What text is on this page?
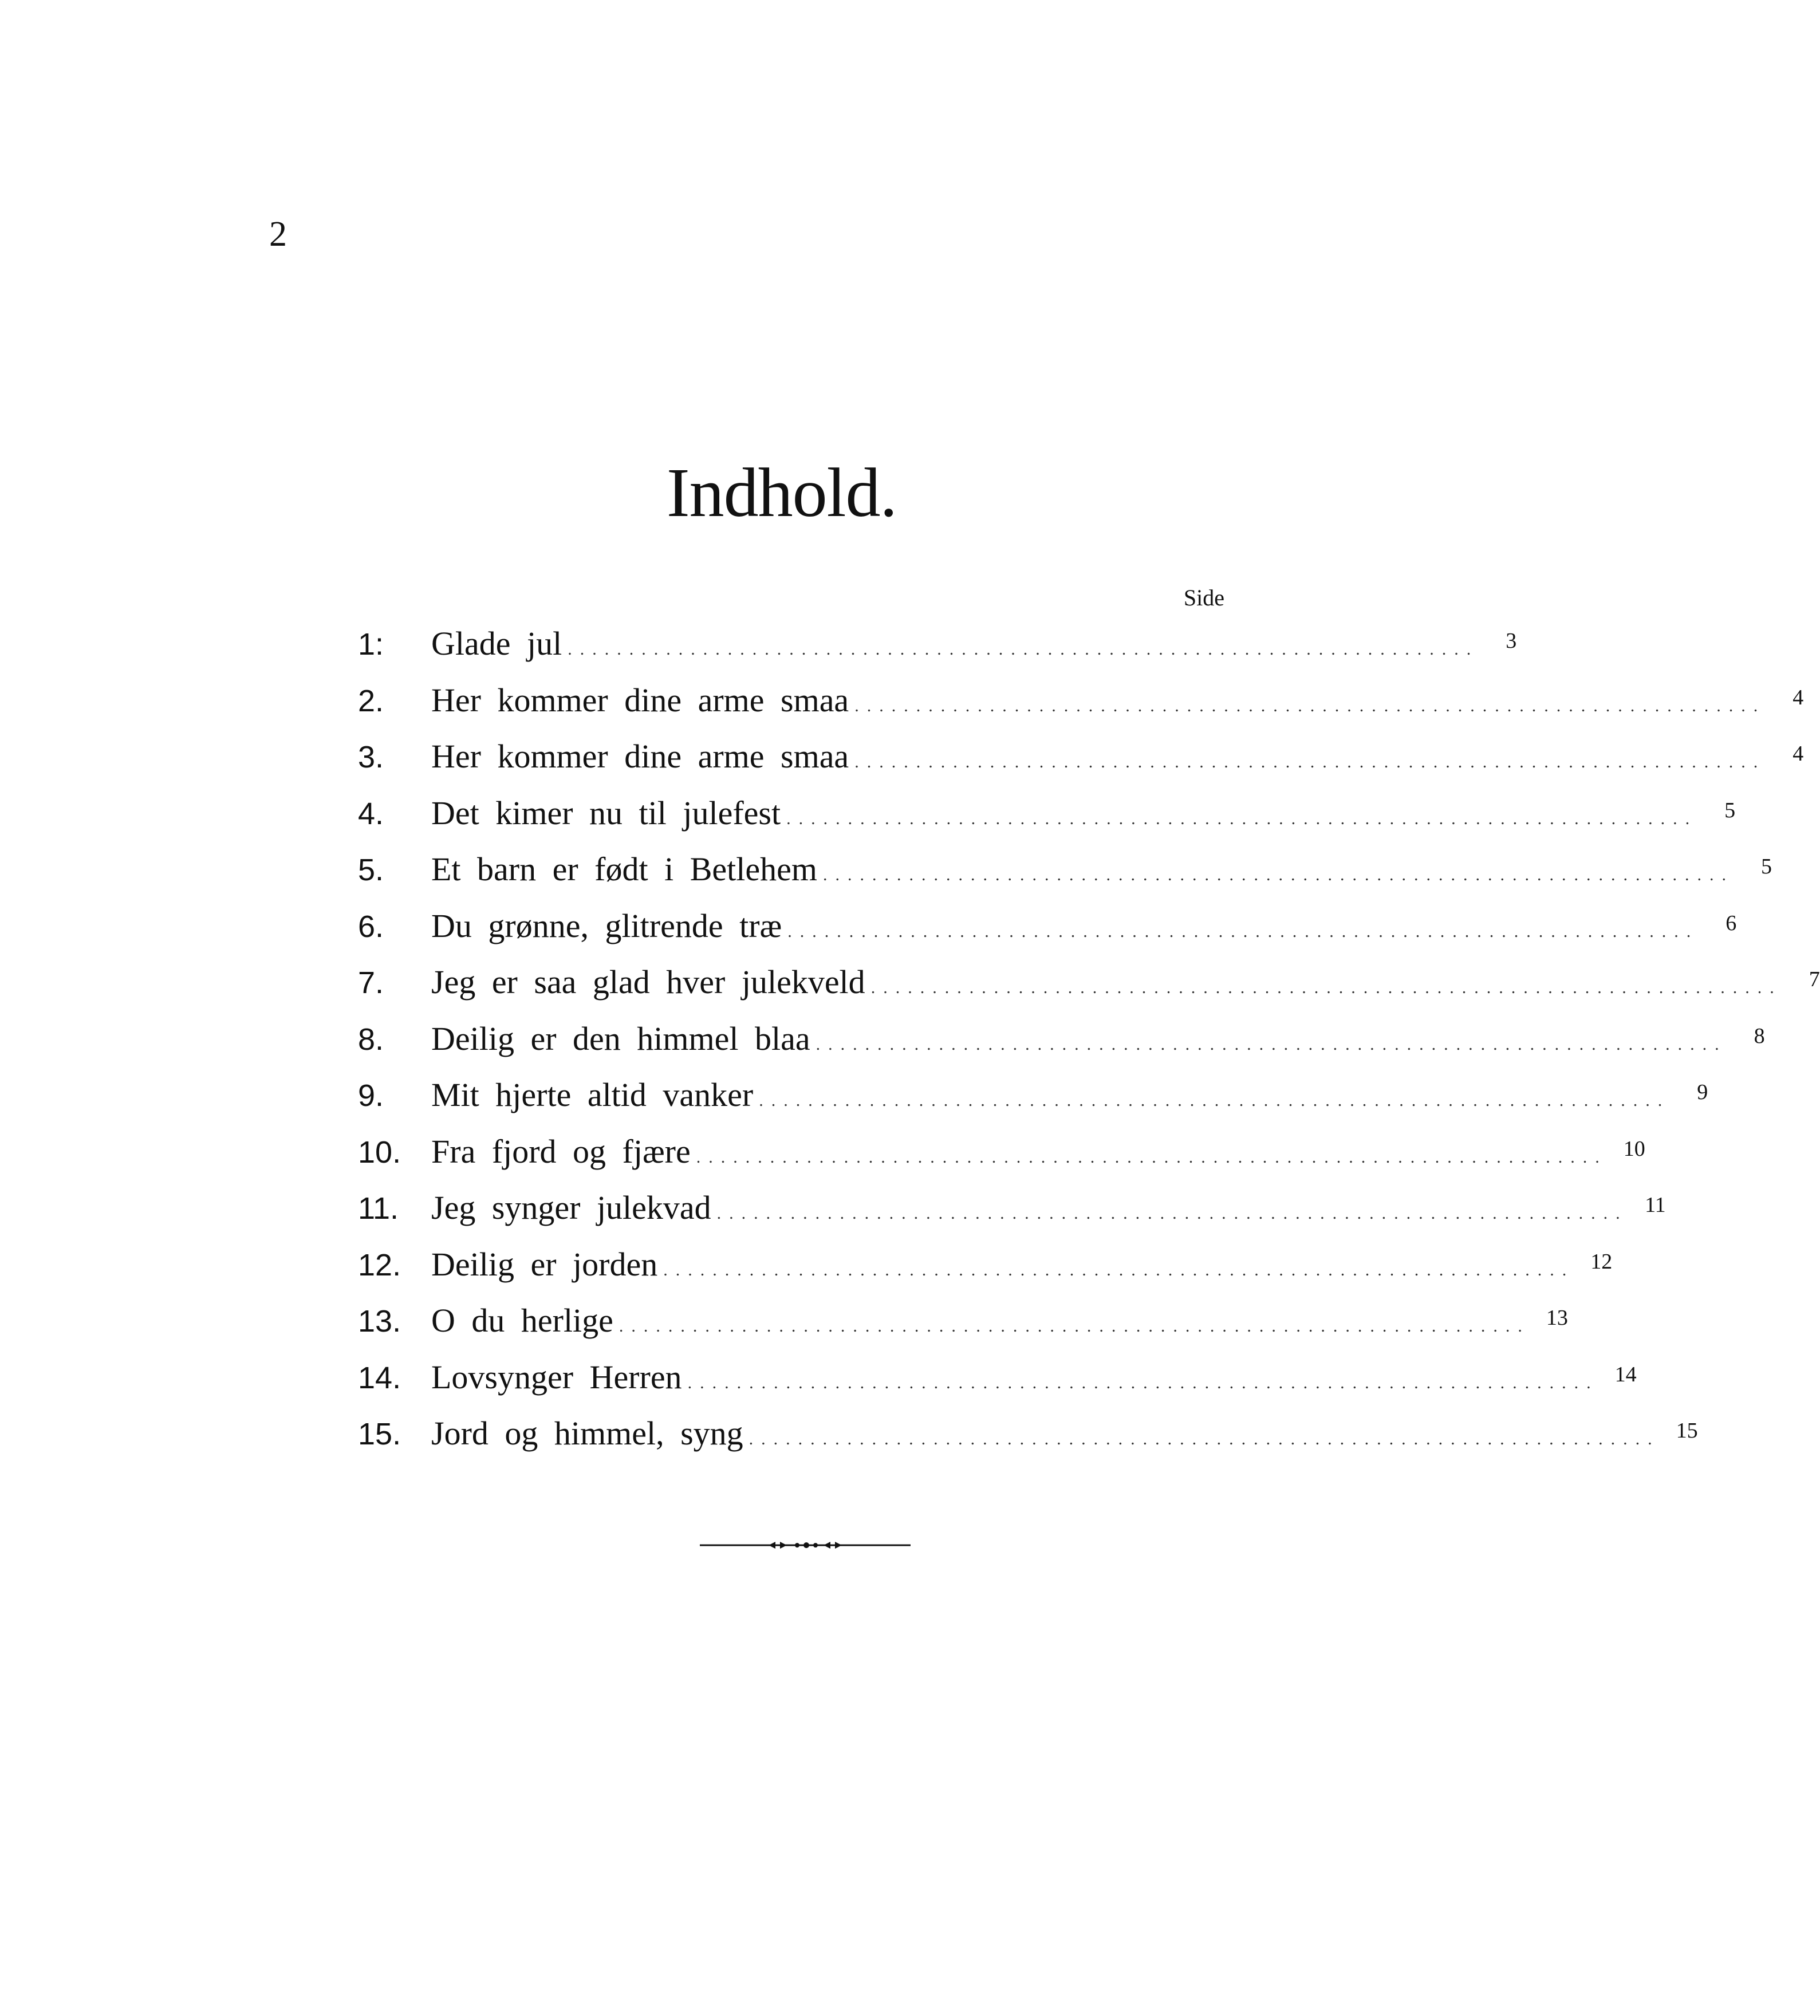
2
Indhold.
Side
1:	Glade jul ..........................................................................	3
2.	Her kommer dine arme smaa ..........................................................................	4
3.	Her kommer dine arme smaa ..........................................................................	4
4.	Det kimer nu til julefest ..........................................................................	5
5.	Et barn er født i Betlehem ..........................................................................	5
6.	Du grønne, glitrende træ ..........................................................................	6
7.	Jeg er saa glad hver julekveld ..........................................................................	7
8.	Deilig er den himmel blaa ..........................................................................	8
9.	Mit hjerte altid vanker ..........................................................................	9
10. Fra fjord og fjære .......................................................................... 10
11. Jeg synger julekvad .......................................................................... 11
12. Deilig er jorden .......................................................................... 12
13. O du herlige .......................................................................... 13
14. Lovsynger Herren .......................................................................... 14
15. Jord og himmel, syng .......................................................................... 15
